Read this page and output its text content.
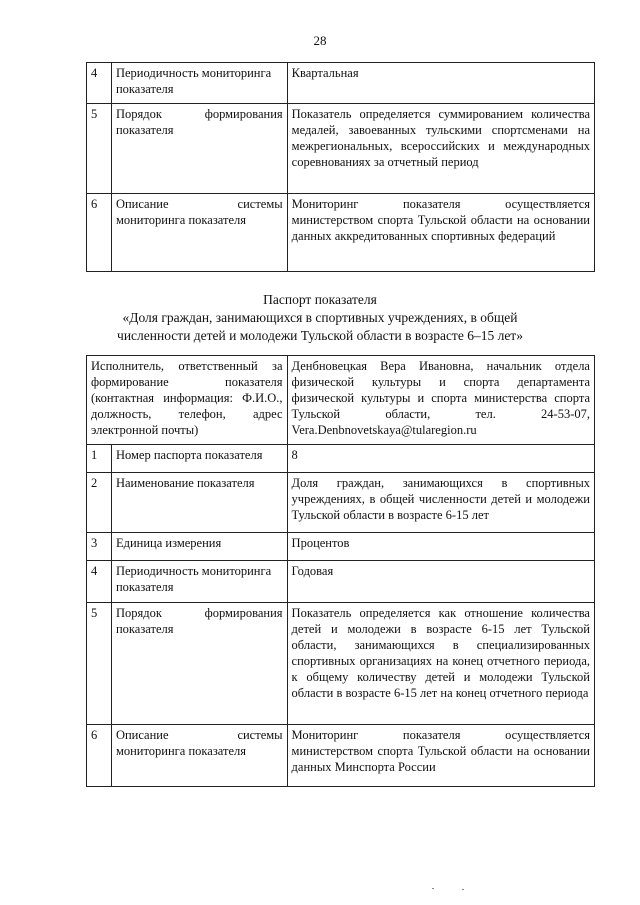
28
4	Периодичность мониторинга показателя	Квартальная
5	Порядок формирования показателя	Показатель определяется суммированием количества медалей, завоеванных тульскими спортсменами на межрегиональных, всероссийских и международных соревнованиях за отчетный период
6	Описание системы мониторинга показателя	Мониторинг показателя осуществляется министерством спорта Тульской области на основании данных аккредитованных спортивных федераций
Паспорт показателя
«Доля граждан, занимающихся в спортивных учреждениях, в общей
численности детей и молодежи Тульской области в возрасте 6–15 лет»
Исполнитель, ответственный за формирование показателя (контактная информация: Ф.И.О., должность, телефон, адрес электронной почты)		Денбновецкая Вера Ивановна, начальник отдела физической культуры и спорта департамента физической культуры и спорта министерства спорта Тульской области, тел. 24-53-07, Vera.Denbnovetskaya@tularegion.ru
1	Номер паспорта показателя	8
2	Наименование показателя	Доля граждан, занимающихся в спортивных учреждениях, в общей численности детей и молодежи Тульской области в возрасте 6-15 лет
3	Единица измерения	Процентов
4	Периодичность мониторинга показателя	Годовая
5	Порядок формирования показателя	Показатель определяется как отношение количества детей и молодежи в возрасте 6-15 лет Тульской области, занимающихся в специализированных спортивных организациях на конец отчетного периода, к общему количеству детей и молодежи Тульской области в возрасте 6-15 лет на конец отчетного периода
6	Описание системы мониторинга показателя	Мониторинг показателя осуществляется министерством спорта Тульской области на основании данных Минспорта России
